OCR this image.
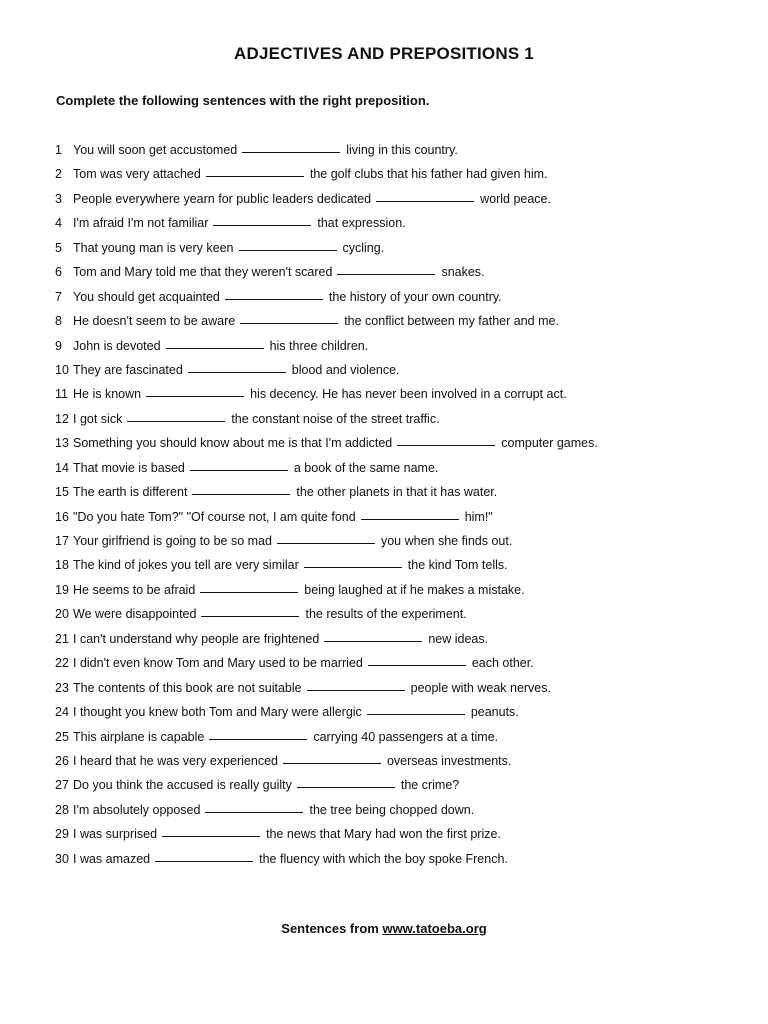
ADJECTIVES AND PREPOSITIONS 1
Complete the following sentences with the right preposition.
1 You will soon get accustomed	living in this country.
2 Tom was very attached	the golf clubs that his father had given him.
3 People everywhere yearn for public leaders dedicated	world peace.
4 I'm afraid I'm not familiar	that expression.
5 That young man is very keen	cycling.
6 Tom and Mary told me that they weren't scared	snakes.
7 You should get acquainted	the history of your own country.
8 He doesn't seem to be aware	the conflict between my father and me.
9 John is devoted	his three children.
10 They are fascinated	blood and violence.
11 He is known	his decency. He has never been involved in a corrupt act.
12 I got sick	the constant noise of the street traffic.
13 Something you should know about me is that I'm addicted	computer games.
14 That movie is based	a book of the same name.
15 The earth is different	the other planets in that it has water.
16 "Do you hate Tom?" "Of course not, I am quite fond	him!"
17 Your girlfriend is going to be so mad	you when she finds out.
18 The kind of jokes you tell are very similar	the kind Tom tells.
19 He seems to be afraid	being laughed at if he makes a mistake.
20 We were disappointed	the results of the experiment.
21 I can't understand why people are frightened	new ideas.
22 I didn't even know Tom and Mary used to be married	each other.
23 The contents of this book are not suitable	people with weak nerves.
24 I thought you knew both Tom and Mary were allergic	peanuts.
25 This airplane is capable	carrying 40 passengers at a time.
26 I heard that he was very experienced	overseas investments.
27 Do you think the accused is really guilty	the crime?
28 I'm absolutely opposed	the tree being chopped down.
29 I was surprised	the news that Mary had won the first prize.
30 I was amazed	the fluency with which the boy spoke French.
Sentences from www.tatoeba.org
